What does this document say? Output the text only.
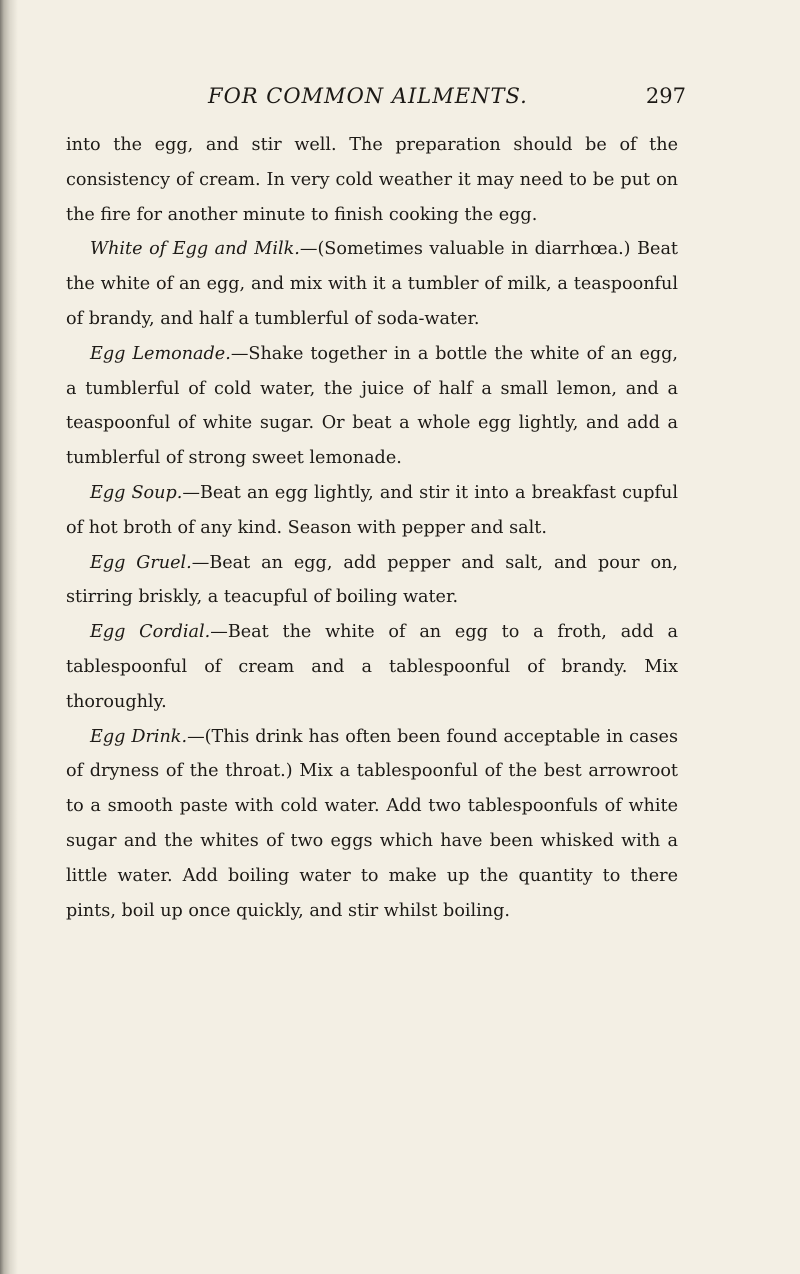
FOR COMMON AILMENTS.	297

into the egg, and stir well. The preparation should be of the consistency of cream. In very cold weather it may need to be put on the fire for another minute to finish cooking the egg.

White of Egg and Milk.—(Sometimes valuable in diarrhœa.) Beat the white of an egg, and mix with it a tumbler of milk, a teaspoonful of brandy, and half a tumblerful of soda-water.

Egg Lemonade.—Shake together in a bottle the white of an egg, a tumblerful of cold water, the juice of half a small lemon, and a teaspoonful of white sugar. Or beat a whole egg lightly, and add a tumblerful of strong sweet lemonade.

Egg Soup.—Beat an egg lightly, and stir it into a breakfast cupful of hot broth of any kind. Season with pepper and salt.

Egg Gruel.—Beat an egg, add pepper and salt, and pour on, stirring briskly, a teacupful of boiling water.

Egg Cordial.—Beat the white of an egg to a froth, add a tablespoonful of cream and a tablespoonful of brandy. Mix thoroughly.

Egg Drink.—(This drink has often been found acceptable in cases of dryness of the throat.) Mix a tablespoonful of the best arrowroot to a smooth paste with cold water. Add two tablespoonfuls of white sugar and the whites of two eggs which have been whisked with a little water. Add boiling water to make up the quantity to there pints, boil up once quickly, and stir whilst boiling.
